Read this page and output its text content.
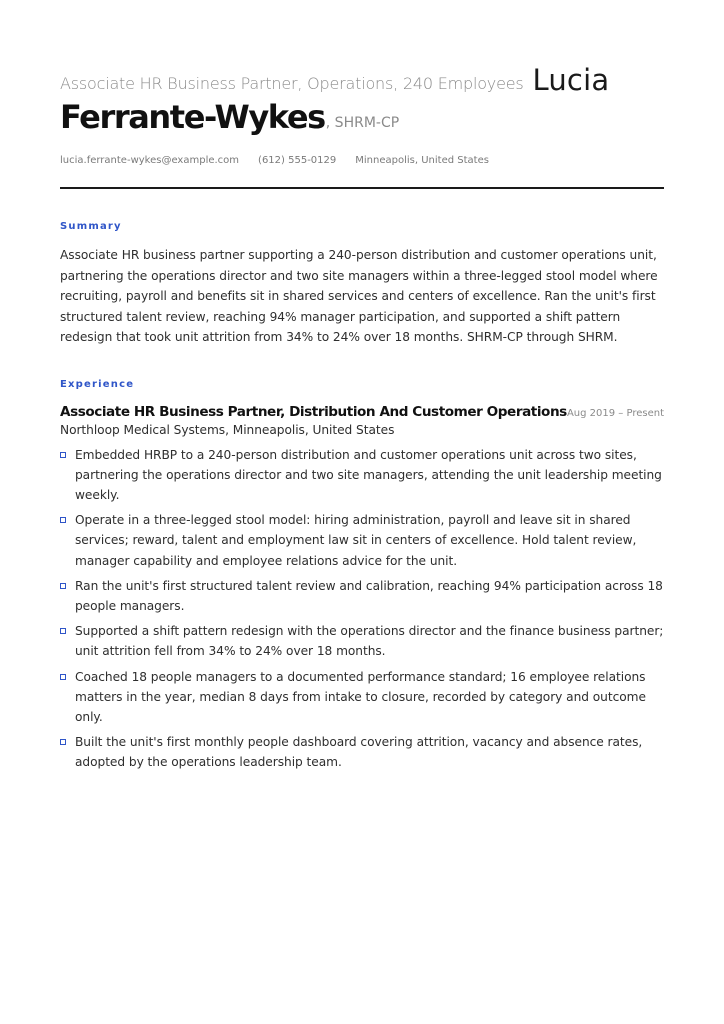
Associate HR Business Partner, Operations, 240 Employees Lucia
Ferrante-Wykes , SHRM-CP
lucia.ferrante-wykes@example.com (612) 555-0129 Minneapolis, United States
Summary
Associate HR business partner supporting a 240-person distribution and customer operations unit, partnering the operations director and two site managers within a three-legged stool model where recruiting, payroll and benefits sit in shared services and centers of excellence. Ran the unit's first structured talent review, reaching 94% manager participation, and supported a shift pattern redesign that took unit attrition from 34% to 24% over 18 months. SHRM-CP through SHRM.
Experience
Associate HR Business Partner, Distribution And Customer Operations Aug 2019 – Present
Northloop Medical Systems, Minneapolis, United States
Embedded HRBP to a 240-person distribution and customer operations unit across two sites, partnering the operations director and two site managers, attending the unit leadership meeting weekly.
Operate in a three-legged stool model: hiring administration, payroll and leave sit in shared services; reward, talent and employment law sit in centers of excellence. Hold talent review, manager capability and employee relations advice for the unit.
Ran the unit's first structured talent review and calibration, reaching 94% participation across 18 people managers.
Supported a shift pattern redesign with the operations director and the finance business partner; unit attrition fell from 34% to 24% over 18 months.
Coached 18 people managers to a documented performance standard; 16 employee relations matters in the year, median 8 days from intake to closure, recorded by category and outcome only.
Built the unit's first monthly people dashboard covering attrition, vacancy and absence rates, adopted by the operations leadership team.
